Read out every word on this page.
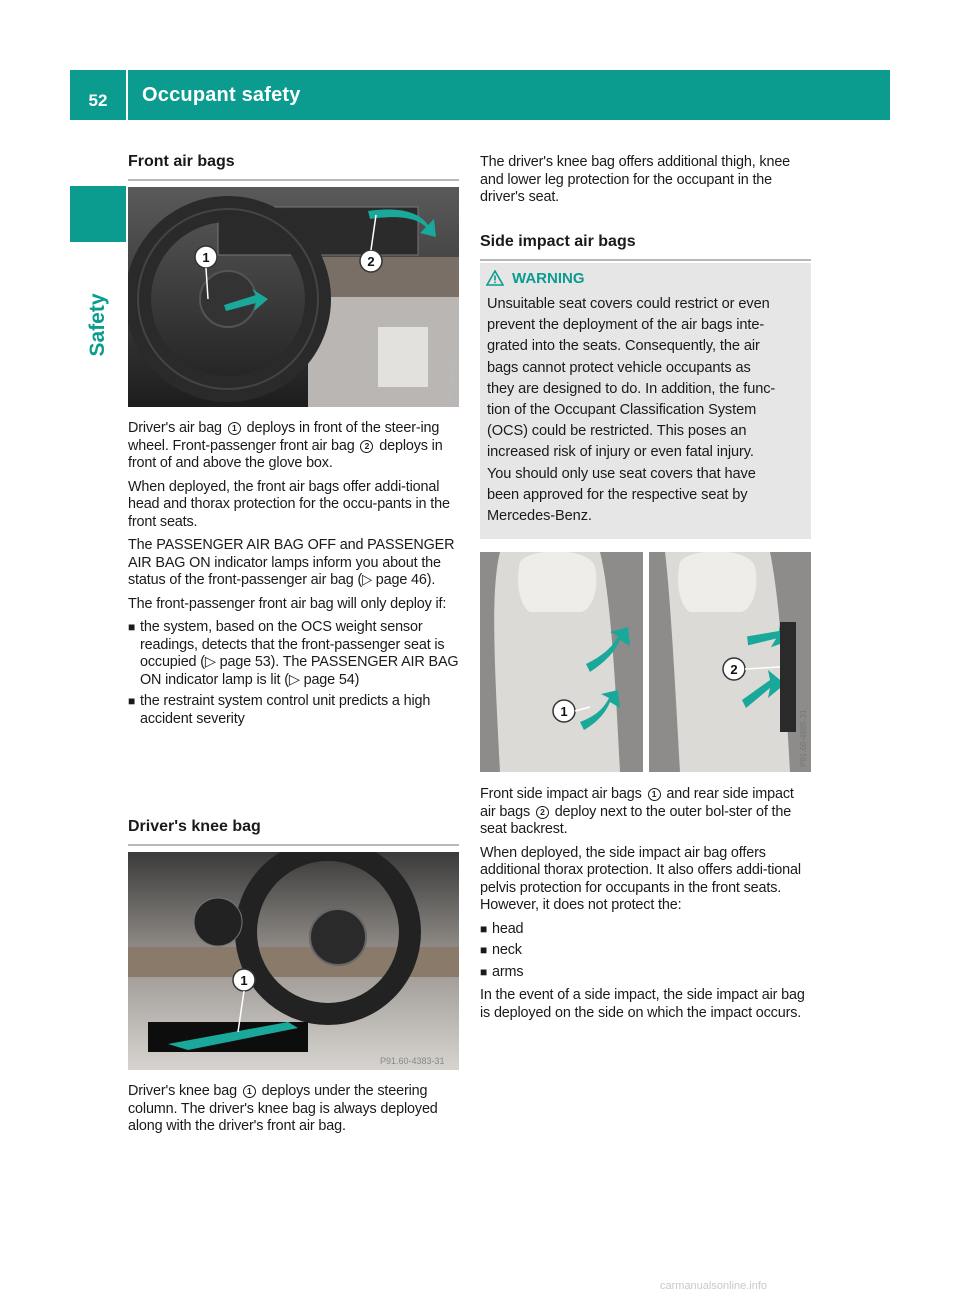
52	Occupant safety
Safety
Front air bags
1	2
P91.60-4884-31

Driver's air bag 1 deploys in front of the steer-ing wheel. Front-passenger front air bag 2 deploys in front of and above the glove box.

When deployed, the front air bags offer addi-tional head and thorax protection for the occu-pants in the front seats.

The PASSENGER AIR BAG OFF and PASSENGER AIR BAG ON indicator lamps inform you about the status of the front-passenger air bag (▷ page 46).

The front-passenger front air bag will only deploy if:

■ the system, based on the OCS weight sensor readings, detects that the front-passenger seat is occupied (▷ page 53). The PASSENGER AIR BAG ON indicator lamp is lit (▷ page 54)
■ the restraint system control unit predicts a high accident severity
Driver's knee bag
1
P91.60-4383-31

Driver's knee bag 1 deploys under the steering column. The driver's knee bag is always deployed along with the driver's front air bag.

The driver's knee bag offers additional thigh, knee and lower leg protection for the occupant in the driver's seat.

Side impact air bags
WARNING
Unsuitable seat covers could restrict or even
prevent the deployment of the air bags inte-
grated into the seats. Consequently, the air
bags cannot protect vehicle occupants as
they are designed to do. In addition, the func-
tion of the Occupant Classification System
(OCS) could be restricted. This poses an
increased risk of injury or even fatal injury.
You should only use seat covers that have
been approved for the respective seat by
Mercedes-Benz.
1
2
P91.60-4885-31

Front side impact air bags 1 and rear side impact air bags 2 deploy next to the outer bol-ster of the seat backrest.

When deployed, the side impact air bag offers additional thorax protection. It also offers addi-tional pelvis protection for occupants in the front seats. However, it does not protect the:

■ head
■ neck
■ arms

In the event of a side impact, the side impact air bag is deployed on the side on which the impact occurs.

carmanualsonline.info
